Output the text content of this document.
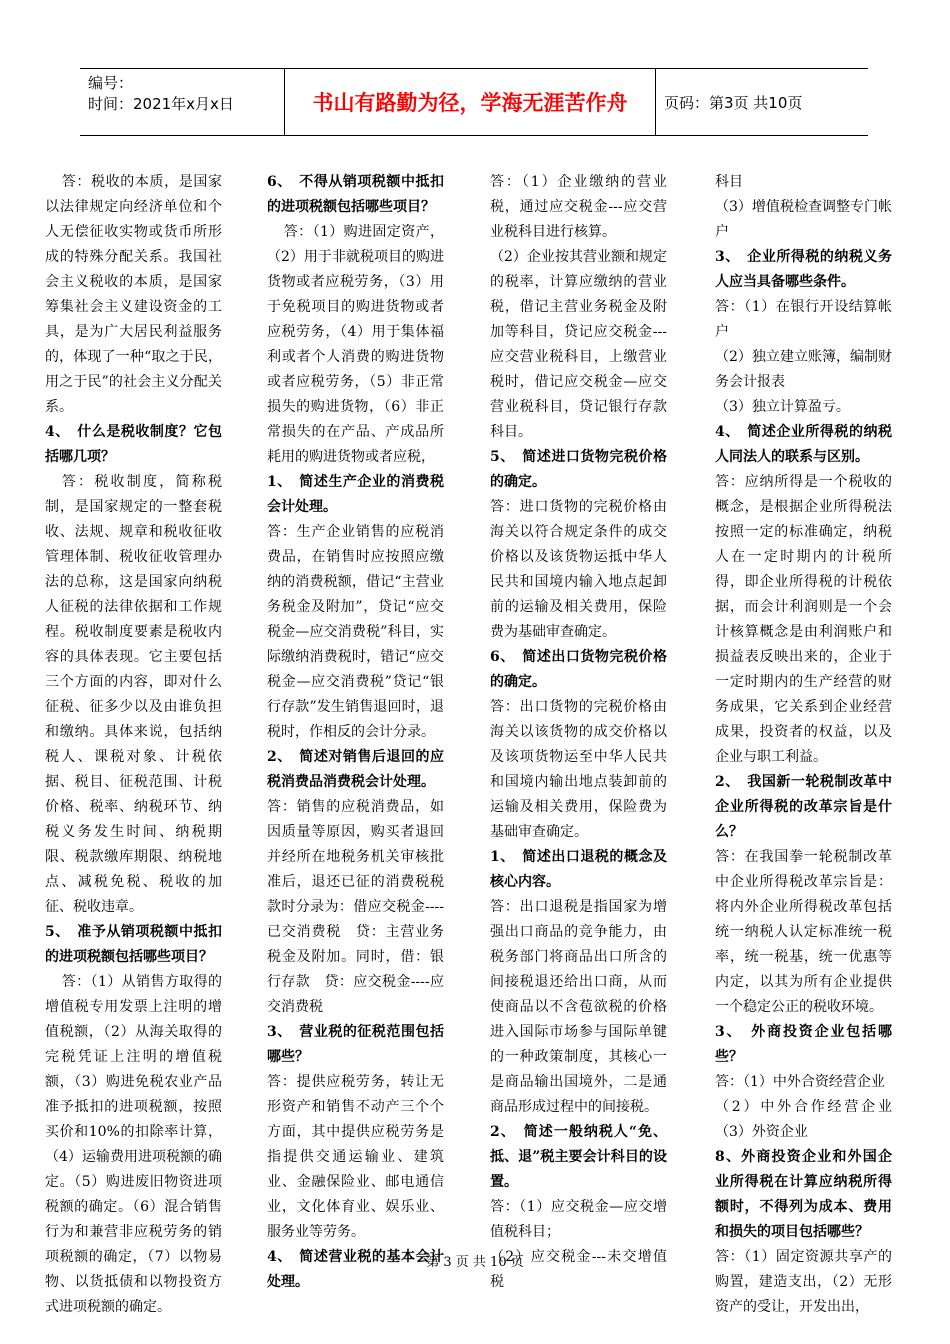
编号：
时间：2021年x月x日	书山有路勤为径，学海无涯苦作舟	页码：第3页 共10页

答：税收的本质，是国家以法律规定向经济单位和个人无偿征收实物或货币所形成的特殊分配关系。我国社会主义税收的本质，是国家筹集社会主义建设资金的工具，是为广大居民利益服务的，体现了一种“取之于民，用之于民”的社会主义分配关系。

4、　什么是税收制度？它包括哪几项？

答：税收制度，简称税制，是国家规定的一整套税收、法规、规章和税收征收管理体制、税收征收管理办法的总称，这是国家向纳税人征税的法律依据和工作规程。税收制度要素是税收内容的具体表现。它主要包括三个方面的内容，即对什么征税、征多少以及由谁负担和缴纳。具体来说，包括纳税人、课税对象、计税依据、税目、征税范围、计税价格、税率、纳税环节、纳税义务发生时间、纳税期限、税款缴库期限、纳税地点、减税免税、税收的加征、税收违章。

5、　准予从销项税额中抵扣的进项税额包括哪些项目？

答：（1）从销售方取得的增值税专用发票上注明的增值税额，（2）从海关取得的完税凭证上注明的增值税额，（3）购进免税农业产品准予抵扣的进项税额，按照买价和10%的扣除率计算，（4）运输费用进项税额的确定。（5）购进废旧物资进项税额的确定。（6）混合销售行为和兼营非应税劳务的销项税额的确定，（7）以物易物、以货抵债和以物投资方式进项税额的确定。

6、　不得从销项税额中抵扣的进项税额包括哪些项目？

答：（1）购进固定资产，（2）用于非就税项目的购进货物或者应税劳务，（3）用于免税项目的购进货物或者应税劳务，（4）用于集体福利或者个人消费的购进货物或者应税劳务，（5）非正常损失的购进货物，（6）非正常损失的在产品、产成品所耗用的购进货物或者应税，

1、　简述生产企业的消费税会计处理。

答：生产企业销售的应税消费品，在销售时应按照应缴纳的消费税额，借记“主营业务税金及附加”，贷记“应交税金—应交消费税”科目，实际缴纳消费税时，错记“应交税金—应交消费税”贷记“银行存款”发生销售退回时，退税时，作相反的会计分录。

2、　简述对销售后退回的应税消费品消费税会计处理。

答：销售的应税消费品，如因质量等原因，购买者退回并经所在地税务机关审核批准后，退还已征的消费税税款时分录为：借应交税金----已交消费税　贷：主营业务税金及附加。同时，借：银行存款　贷：应交税金----应交消费税

3、　营业税的征税范围包括哪些？

答：提供应税劳务，转让无形资产和销售不动产三个个方面，其中提供应税劳务是指提供交通运输业、建筑业、金融保险业、邮电通信业，文化体育业、娱乐业、服务业等劳务。

4、　简述营业税的基本会计处理。

答：（1）企业缴纳的营业税，通过应交税金---应交营业税科目进行核算。

（2）企业按其营业额和规定的税率，计算应缴纳的营业税，借记主营业务税金及附加等科目，贷记应交税金---应交营业税科目，上缴营业税时，借记应交税金—应交营业税科目，贷记银行存款科目。

5、　简述进口货物完税价格的确定。

答：进口货物的完税价格由海关以符合规定条件的成交价格以及该货物运抵中华人民共和国境内输入地点起卸前的运输及相关费用，保险费为基础审查确定。

6、　简述出口货物完税价格的确定。

答：出口货物的完税价格由海关以该货物的成交价格以及该项货物运至中华人民共和国境内输出地点装卸前的运输及相关费用，保险费为基础审查确定。

1、　简述出口退税的概念及核心内容。

答：出口退税是指国家为增强出口商品的竞争能力，由税务部门将商品出口所含的间接税退还给出口商，从而使商品以不含苞欲税的价格进入国际市场参与国际单键的一种政策制度，其核心一是商品输出国境外，二是通商品形成过程中的间接税。

2、　简述一般纳税人“免、抵、退”税主要会计科目的设置。

答：（1）应交税金—应交增值税科目；

（2）应交税金---未交增值税

科目

（3）增值税检查调整专门帐户

3、　企业所得税的纳税义务人应当具备哪些条件。

答：（1）在银行开设结算帐户

（2）独立建立账簿，编制财务会计报表

（3）独立计算盈亏。

4、　简述企业所得税的纳税人同法人的联系与区别。

答：应纳所得是一个税收的概念，是根据企业所得税法按照一定的标准确定，纳税人在一定时期内的计税所得，即企业所得税的计税依据，而会计利润则是一个会计核算概念是由利润账户和损益表反映出来的，企业于一定时期内的生产经营的财务成果，它关系到企业经营成果，投资者的权益，以及企业与职工利益。

2、　我国新一轮税制改革中企业所得税的改革宗旨是什么？

答：在我国拳一轮税制改革中企业所得税改革宗旨是：将内外企业所得税改革包括统一纳税人认定标准统一税率，统一税基，统一优惠等内定，以其为所有企业提供一个稳定公正的税收环境。

3、　外商投资企业包括哪些？

答：（1）中外合资经营企业

（2）中外合作经营企业（3）外资企业

8、外商投资企业和外国企业所得税在计算应纳税所得额时，不得列为成本、费用和损失的项目包括哪些？

答：（1）固定资源共享产的购置，建造支出，（2）无形资产的受让，开发出出，

第 3 页 共 10 页
